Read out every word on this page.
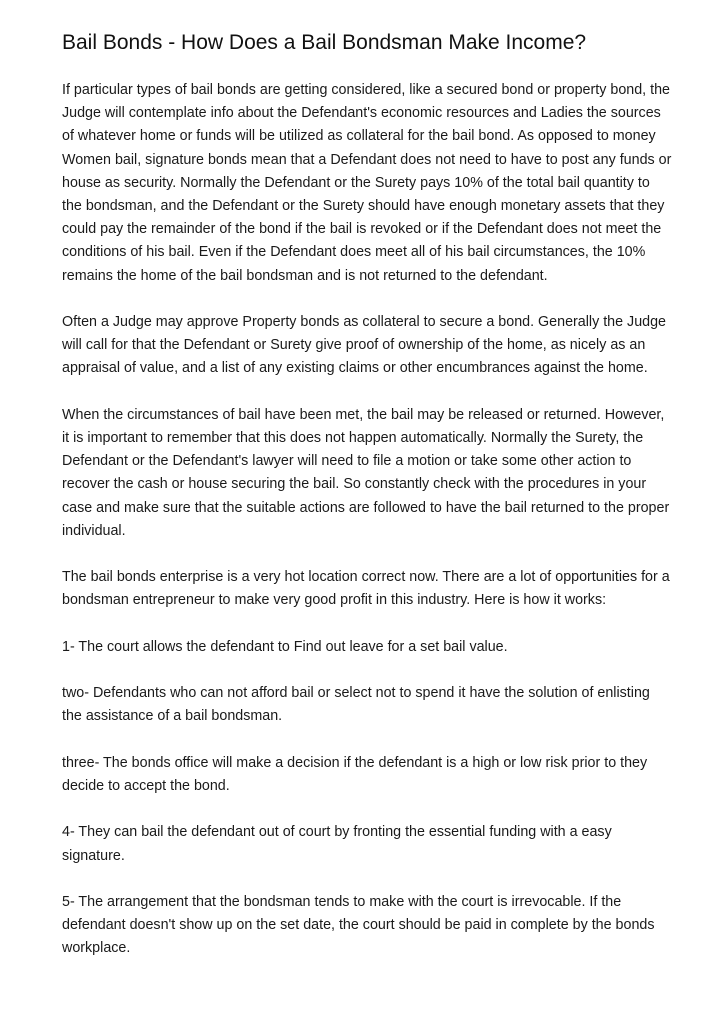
Bail Bonds - How Does a Bail Bondsman Make Income?

If particular types of bail bonds are getting considered, like a secured bond or property bond, the Judge will contemplate info about the Defendant's economic resources and Ladies the sources of whatever home or funds will be utilized as collateral for the bail bond. As opposed to money Women bail, signature bonds mean that a Defendant does not need to have to post any funds or house as security. Normally the Defendant or the Surety pays 10% of the total bail quantity to the bondsman, and the Defendant or the Surety should have enough monetary assets that they could pay the remainder of the bond if the bail is revoked or if the Defendant does not meet the conditions of his bail. Even if the Defendant does meet all of his bail circumstances, the 10% remains the home of the bail bondsman and is not returned to the defendant.

Often a Judge may approve Property bonds as collateral to secure a bond. Generally the Judge will call for that the Defendant or Surety give proof of ownership of the home, as nicely as an appraisal of value, and a list of any existing claims or other encumbrances against the home.

When the circumstances of bail have been met, the bail may be released or returned. However, it is important to remember that this does not happen automatically. Normally the Surety, the Defendant or the Defendant's lawyer will need to file a motion or take some other action to recover the cash or house securing the bail. So constantly check with the procedures in your case and make sure that the suitable actions are followed to have the bail returned to the proper individual.

The bail bonds enterprise is a very hot location correct now. There are a lot of opportunities for a bondsman entrepreneur to make very good profit in this industry. Here is how it works:

1- The court allows the defendant to Find out leave for a set bail value.

two- Defendants who can not afford bail or select not to spend it have the solution of enlisting the assistance of a bail bondsman.

three- The bonds office will make a decision if the defendant is a high or low risk prior to they decide to accept the bond.

4- They can bail the defendant out of court by fronting the essential funding with a easy signature.

5- The arrangement that the bondsman tends to make with the court is irrevocable. If the defendant doesn't show up on the set date, the court should be paid in complete by the bonds workplace.
